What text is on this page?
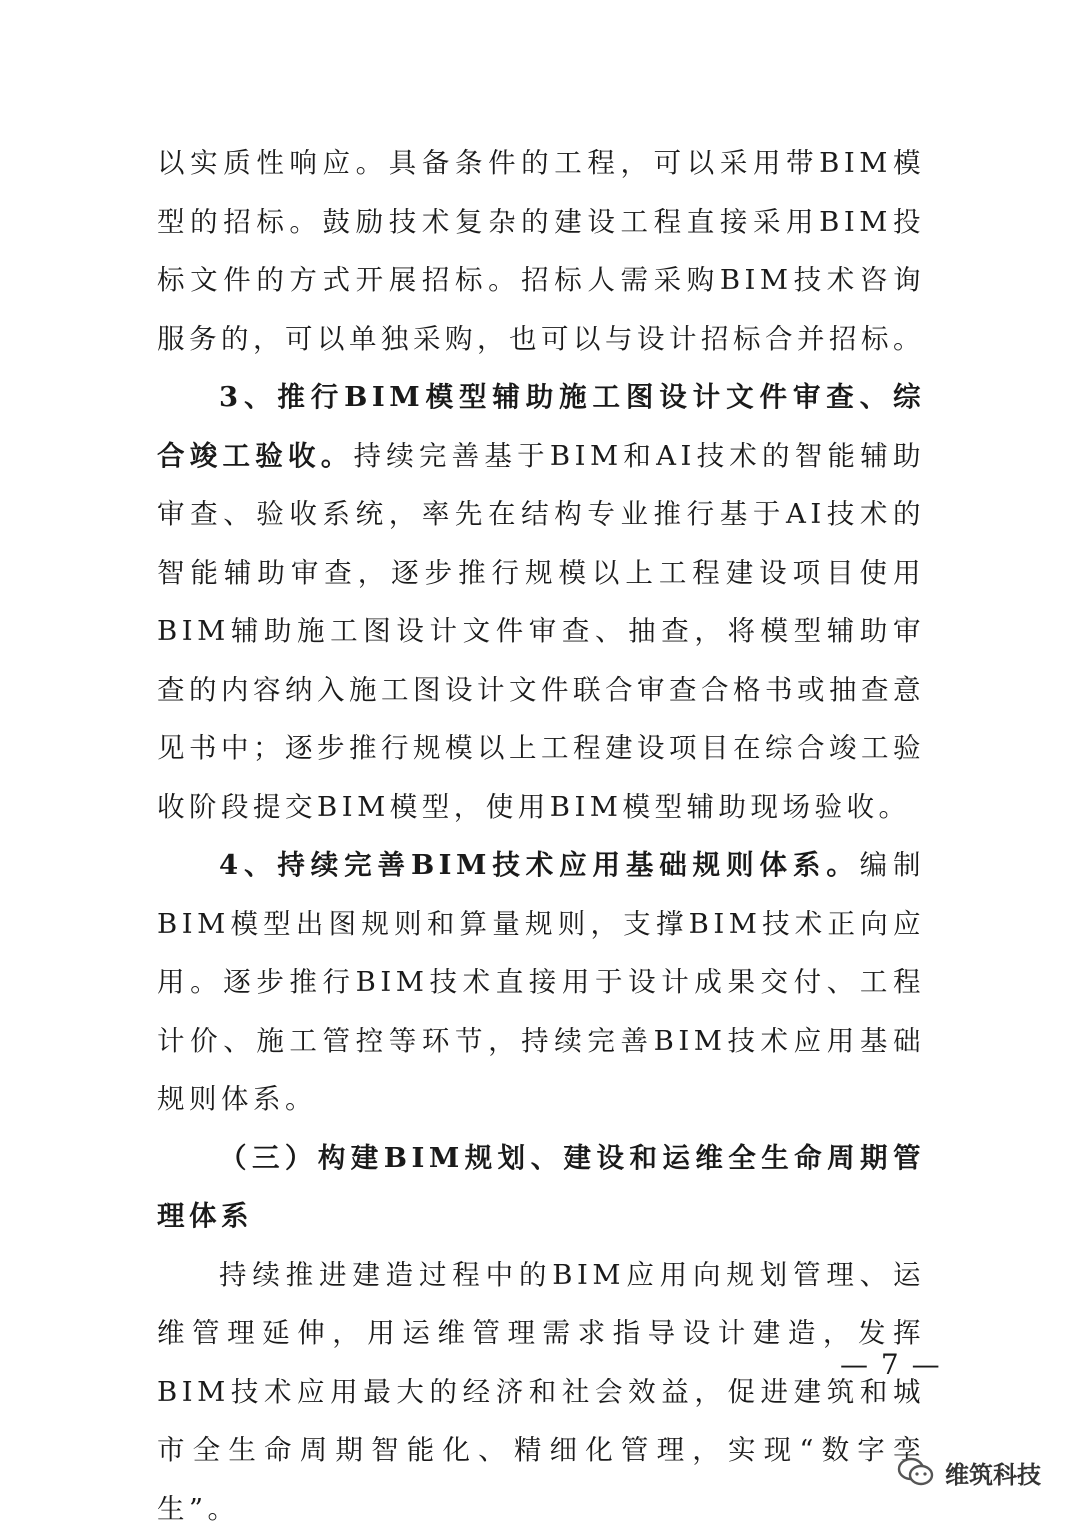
以实质性响应。具备条件的工程，可以采用带BIM模型的招标。鼓励技术复杂的建设工程直接采用BIM投标文件的方式开展招标。招标人需采购BIM技术咨询服务的，可以单独采购，也可以与设计招标合并招标。

3、推行BIM模型辅助施工图设计文件审查、综合竣工验收。持续完善基于BIM和AI技术的智能辅助审查、验收系统，率先在结构专业推行基于AI技术的智能辅助审查，逐步推行规模以上工程建设项目使用BIM辅助施工图设计文件审查、抽查，将模型辅助审查的内容纳入施工图设计文件联合审查合格书或抽查意见书中；逐步推行规模以上工程建设项目在综合竣工验收阶段提交BIM模型，使用BIM模型辅助现场验收。

4、持续完善BIM技术应用基础规则体系。编制BIM模型出图规则和算量规则，支撑BIM技术正向应用。逐步推行BIM技术直接用于设计成果交付、工程计价、施工管控等环节，持续完善BIM技术应用基础规则体系。

（三）构建BIM规划、建设和运维全生命周期管理体系

持续推进建造过程中的BIM应用向规划管理、运维管理延伸，用运维管理需求指导设计建造，发挥BIM技术应用最大的经济和社会效益，促进建筑和城市全生命周期智能化、精细化管理，实现“数字孪生”。

— 7 —
维筑科技
